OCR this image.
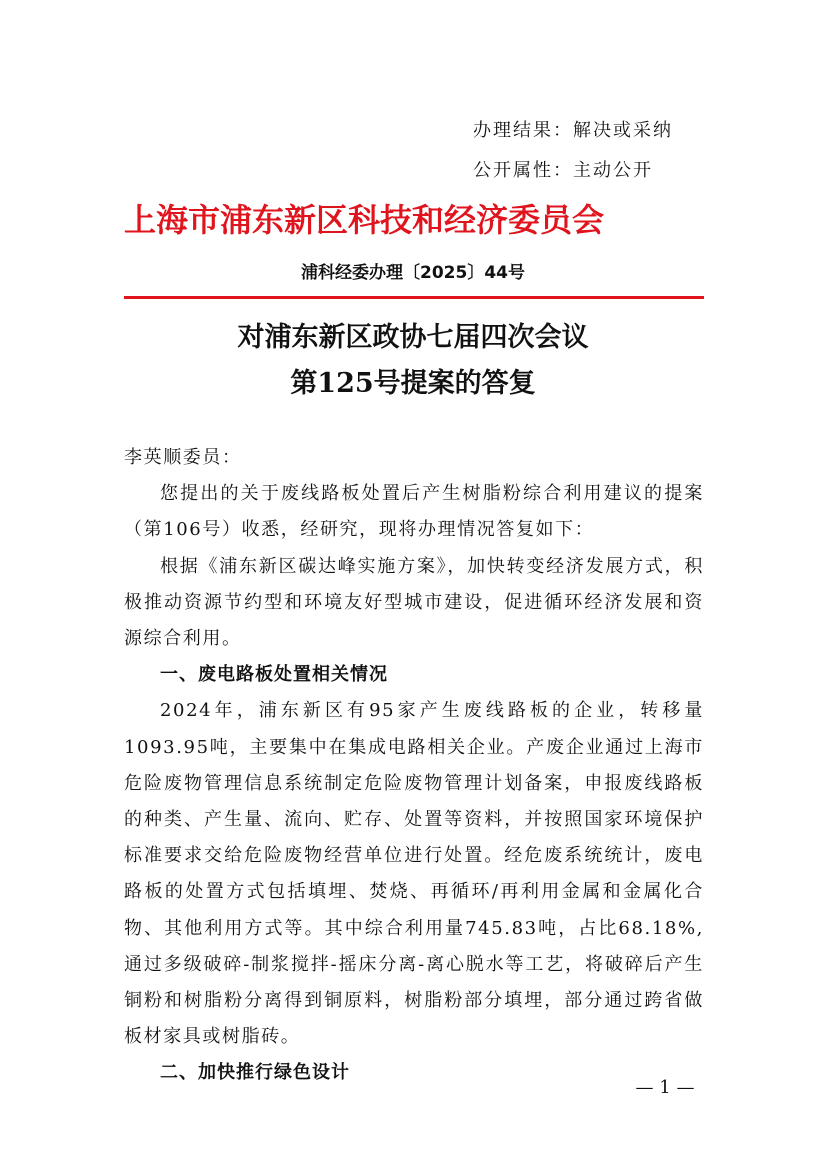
办理结果：解决或采纳
公开属性：主动公开
上海市浦东新区科技和经济委员会
浦科经委办理〔2025〕44号
对浦东新区政协七届四次会议
第125号提案的答复

李英顺委员：

您提出的关于废线路板处置后产生树脂粉综合利用建议的提案（第106号）收悉，经研究，现将办理情况答复如下：

根据《浦东新区碳达峰实施方案》，加快转变经济发展方式，积极推动资源节约型和环境友好型城市建设，促进循环经济发展和资源综合利用。

一、废电路板处置相关情况

2024年，浦东新区有95家产生废线路板的企业，转移量1093.95吨，主要集中在集成电路相关企业。产废企业通过上海市危险废物管理信息系统制定危险废物管理计划备案，申报废线路板的种类、产生量、流向、贮存、处置等资料，并按照国家环境保护标准要求交给危险废物经营单位进行处置。经危废系统统计，废电路板的处置方式包括填埋、焚烧、再循环/再利用金属和金属化合物、其他利用方式等。其中综合利用量745.83吨，占比68.18%,通过多级破碎-制浆搅拌-摇床分离-离心脱水等工艺，将破碎后产生铜粉和树脂粉分离得到铜原料，树脂粉部分填埋，部分通过跨省做板材家具或树脂砖。

二、加快推行绿色设计

— 1 —
